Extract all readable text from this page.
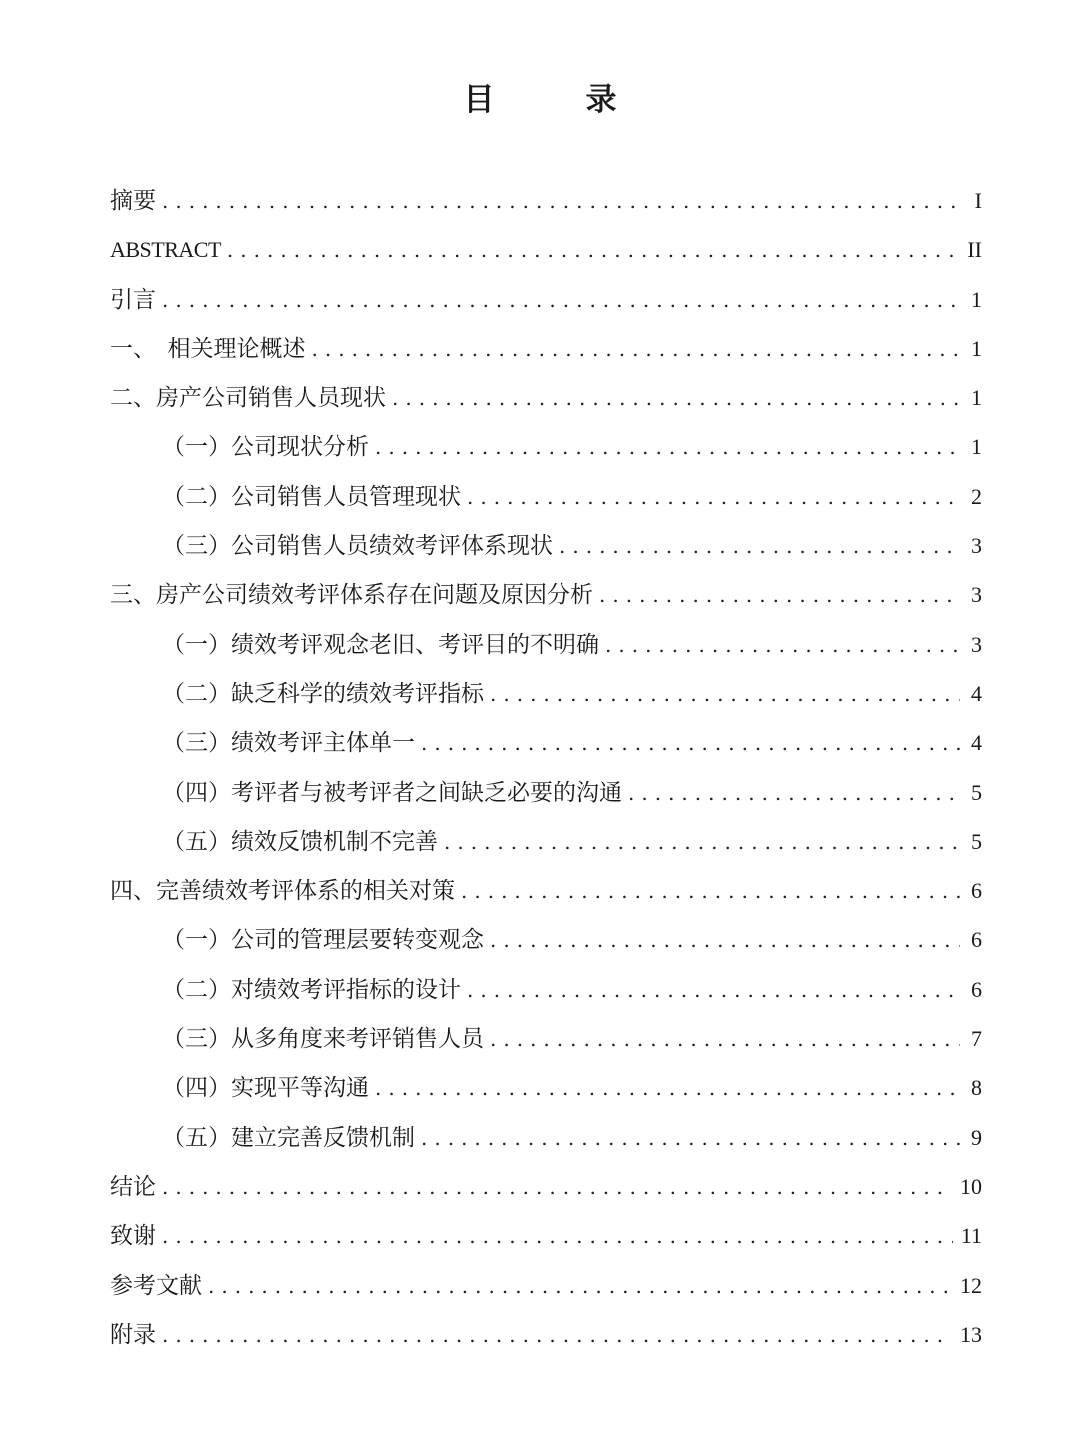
目　录
摘要 .....	I
ABSTRACT .....	II
引言 .....	1
一、　相关理论概述 .....	1
二、房产公司销售人员现状 .....	1
（一）公司现状分析 .....	1
（二）公司销售人员管理现状 .....	2
（三）公司销售人员绩效考评体系现状 .....	3
三、房产公司绩效考评体系存在问题及原因分析 .....	3
（一）绩效考评观念老旧、考评目的不明确 .....	3
（二）缺乏科学的绩效考评指标 .....	4
（三）绩效考评主体单一 .....	4
（四）考评者与被考评者之间缺乏必要的沟通 .....	5
（五）绩效反馈机制不完善 .....	5
四、完善绩效考评体系的相关对策 .....	6
（一）公司的管理层要转变观念 .....	6
（二）对绩效考评指标的设计 .....	6
（三）从多角度来考评销售人员 .....	7
（四）实现平等沟通 .....	8
（五）建立完善反馈机制 .....	9
结论 .....	10
致谢 .....	11
参考文献 .....	12
附录 .....	13
